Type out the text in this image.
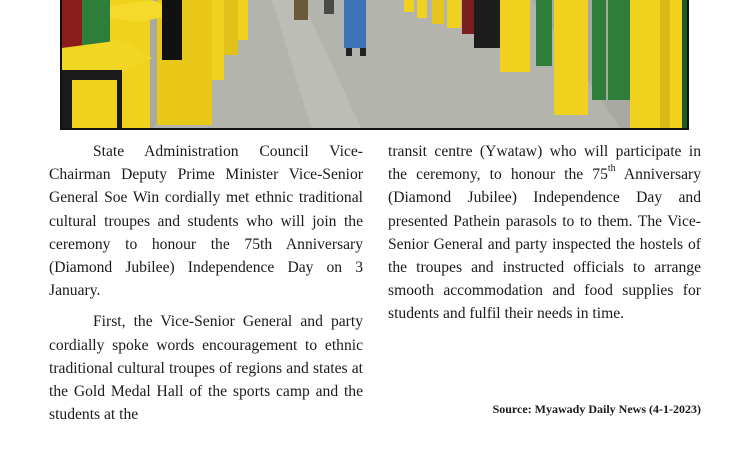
State Administration Council Vice-Chairman Deputy Prime Minister Vice-Senior General Soe Win cordially met ethnic traditional cultural troupes and students who will join the ceremony to honour the 75th Anniversary (Diamond Jubilee) Independence Day on 3 January.

First, the Vice-Senior General and party cordially spoke words encouragement to ethnic traditional cultural troupes of regions and states at the Gold Medal Hall of the sports camp and the students at the

transit centre (Ywataw) who will participate in the ceremony, to honour the 75th Anniversary (Diamond Jubilee) Independence Day and presented Pathein parasols to to them. The Vice-Senior General and party inspected the hostels of the troupes and instructed officials to arrange smooth accommodation and food supplies for students and fulfil their needs in time.

Source: Myawady Daily News (4-1-2023)
